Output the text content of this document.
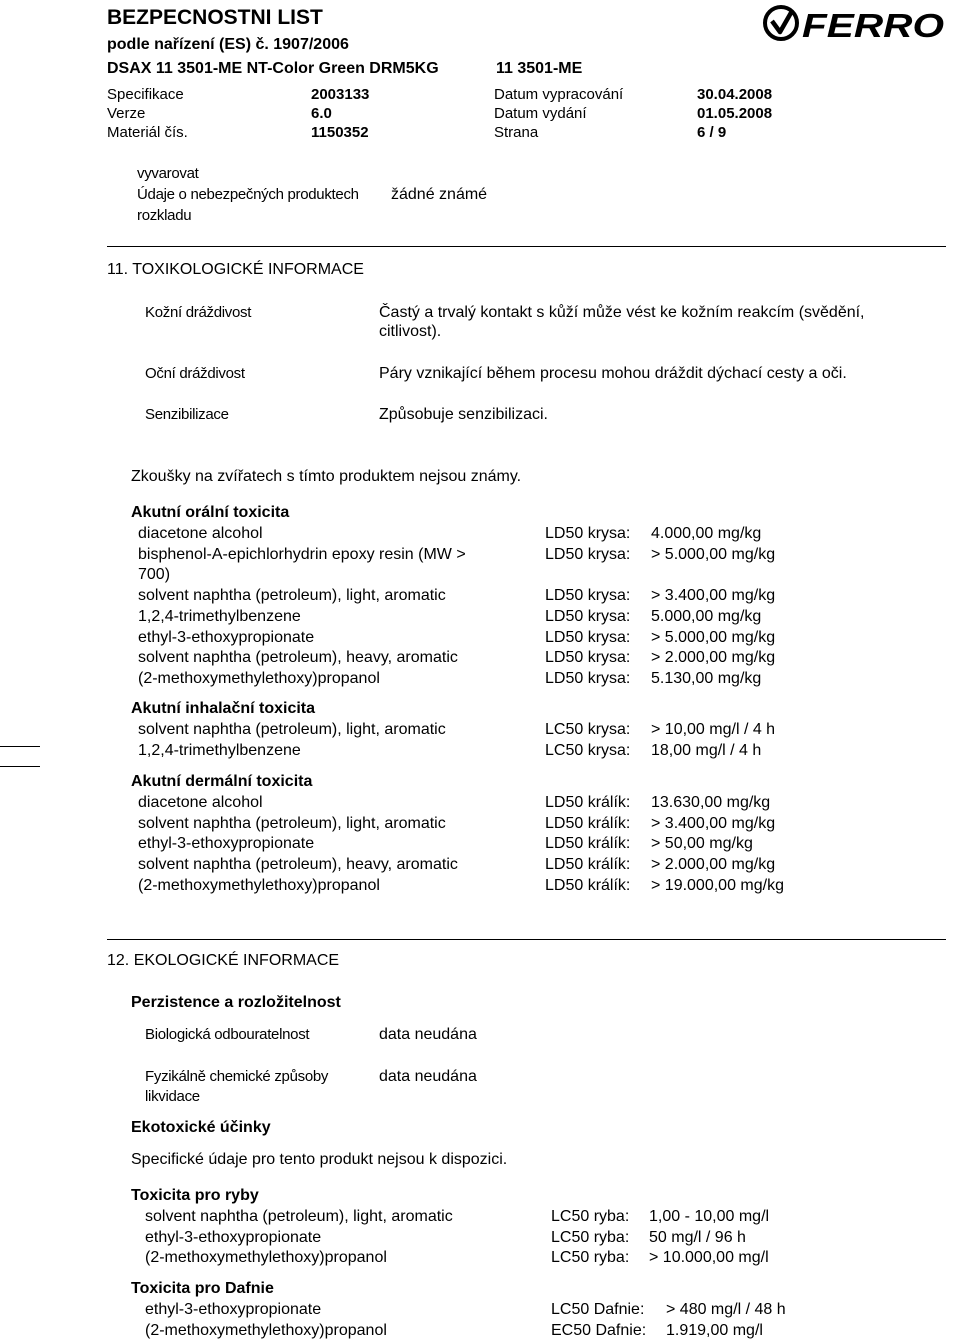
BEZPECNOSTNI LIST
podle nařízení (ES) č. 1907/2006
DSAX 11 3501-ME NT-Color Green DRM5KG	11 3501-ME
FERRO
Specifikace	2003133	Datum vypracování	30.04.2008
Verze	6.0	Datum vydání	01.05.2008
Materiál čís.	1150352	Strana	6 / 9
vyvarovat
Údaje o nebezpečných produktech
rozkladu
žádné známé
11. TOXIKOLOGICKÉ INFORMACE
Kožní dráždivost	Častý a trvalý kontakt s kůží může vést ke kožním reakcím (svědění,
citlivost).
Oční dráždivost	Páry vznikající během procesu mohou dráždit dýchací cesty a oči.
Senzibilizace	Způsobuje senzibilizaci.
Zkoušky na zvířatech s tímto produktem nejsou známy.
Akutní orální toxicita
diacetone alcohol	LD50 krysa: 4.000,00 mg/kg
bisphenol-A-epichlorhydrin epoxy resin (MW >	LD50 krysa: > 5.000,00 mg/kg
700)
solvent naphtha (petroleum), light, aromatic	LD50 krysa: > 3.400,00 mg/kg
1,2,4-trimethylbenzene	LD50 krysa: 5.000,00 mg/kg
ethyl-3-ethoxypropionate	LD50 krysa: > 5.000,00 mg/kg
solvent naphtha (petroleum), heavy, aromatic	LD50 krysa: > 2.000,00 mg/kg
(2-methoxymethylethoxy)propanol	LD50 krysa: 5.130,00 mg/kg
Akutní inhalační toxicita
solvent naphtha (petroleum), light, aromatic	LC50 krysa: > 10,00 mg/l / 4 h
1,2,4-trimethylbenzene	LC50 krysa: 18,00 mg/l / 4 h
Akutní dermální toxicita
diacetone alcohol	LD50 králík: 13.630,00 mg/kg
solvent naphtha (petroleum), light, aromatic	LD50 králík: > 3.400,00 mg/kg
ethyl-3-ethoxypropionate	LD50 králík: > 50,00 mg/kg
solvent naphtha (petroleum), heavy, aromatic	LD50 králík: > 2.000,00 mg/kg
(2-methoxymethylethoxy)propanol	LD50 králík: > 19.000,00 mg/kg
12. EKOLOGICKÉ INFORMACE
Perzistence a rozložitelnost
Biologická odbouratelnost	data neudána
Fyzikálně chemické způsoby
likvidace
data neudána
Ekotoxické účinky
Specifické údaje pro tento produkt nejsou k dispozici.
Toxicita pro ryby
solvent naphtha (petroleum), light, aromatic	LC50 ryba: 1,00 - 10,00 mg/l
ethyl-3-ethoxypropionate	LC50 ryba: 50 mg/l / 96 h
(2-methoxymethylethoxy)propanol	LC50 ryba: > 10.000,00 mg/l
Toxicita pro Dafnie
ethyl-3-ethoxypropionate	LC50 Dafnie: > 480 mg/l / 48 h
(2-methoxymethylethoxy)propanol	EC50 Dafnie: 1.919,00 mg/l
